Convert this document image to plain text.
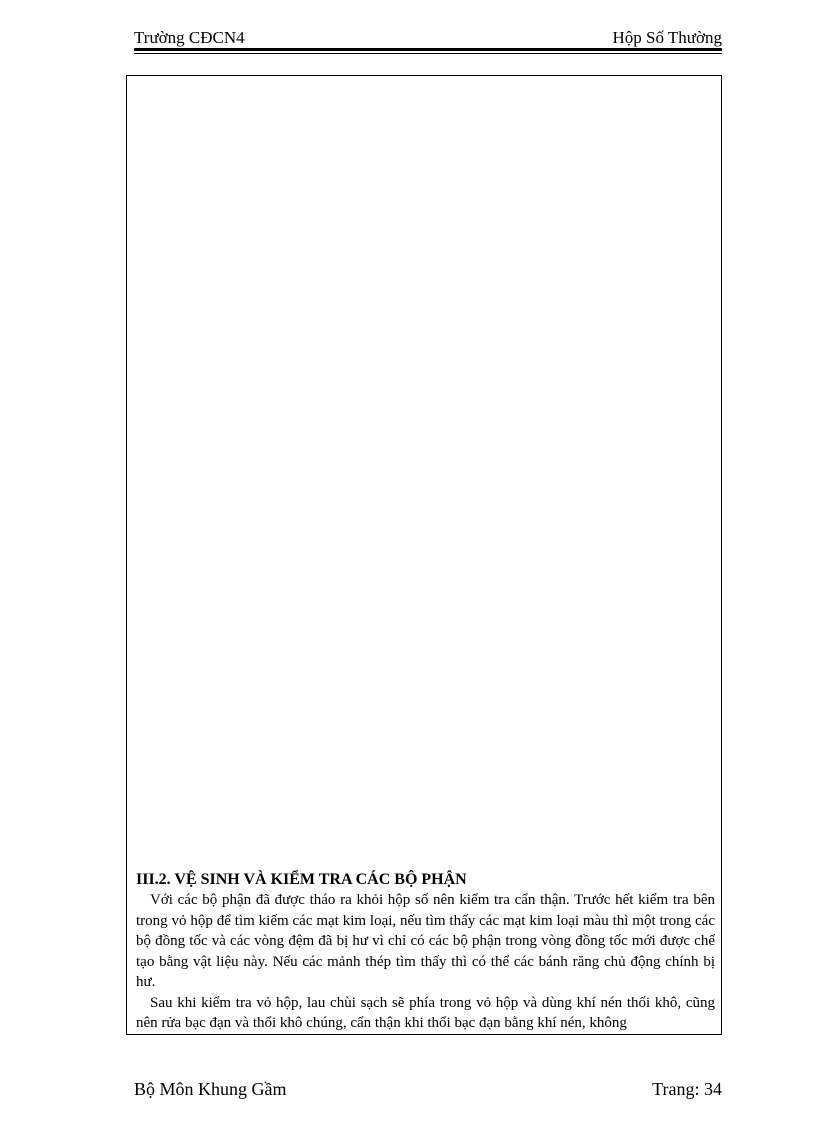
Trường CĐCN4	Hộp Số Thường

III.2. VỆ SINH VÀ KIỂM TRA CÁC BỘ PHẬN

Với các bộ phận đã được tháo ra khỏi hộp số nên kiểm tra cẩn thận. Trước hết kiểm tra bên trong vỏ hộp để tìm kiếm các mạt kim loại, nếu tìm thấy các mạt kim loại màu thì một trong các bộ đồng tốc và các vòng đệm đã bị hư vì chỉ có các bộ phận trong vòng đồng tốc mới được chế tạo bằng vật liệu này. Nếu các mảnh thép tìm thấy thì có thể các bánh răng chủ động chính bị hư.

Sau khi kiểm tra vỏ hộp, lau chùi sạch sẽ phía trong vỏ hộp và dùng khí nén thổi khô, cũng nên rửa bạc đạn và thổi khô chúng, cẩn thận khi thổi bạc đạn bằng khí nén, không

Bộ Môn Khung Gầm	Trang: 34
